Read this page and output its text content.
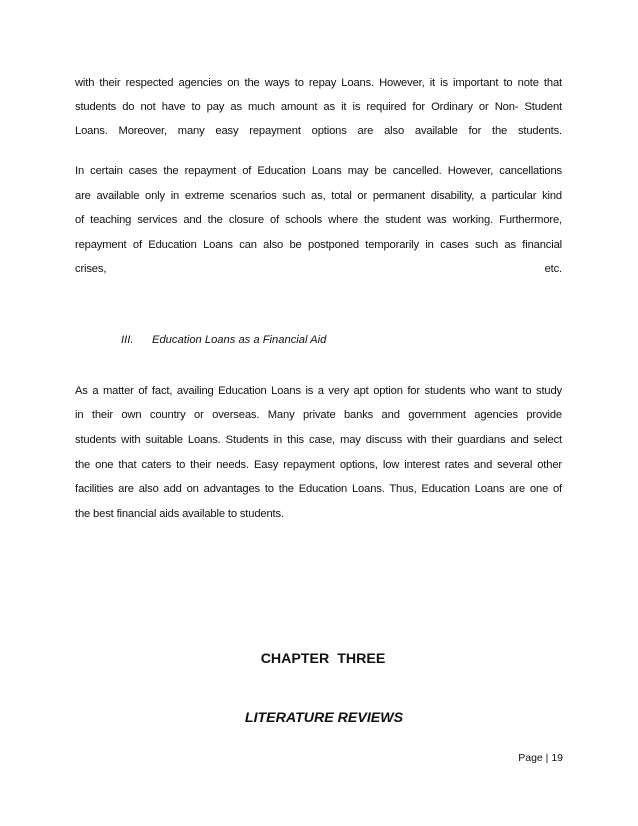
with their respected agencies on the ways to repay Loans. However, it is important to note that
students do not have to pay as much amount as it is required for Ordinary or Non- Student
Loans. Moreover, many easy repayment options are also available for the students.
In certain cases the repayment of Education Loans may be cancelled. However, cancellations
are available only in extreme scenarios such as, total or permanent disability, a particular kind
of teaching services and the closure of schools where the student was working. Furthermore,
repayment of Education Loans can also be postponed temporarily in cases such as financial
crises,	etc.
III. Education Loans as a Financial Aid
As a matter of fact, availing Education Loans is a very apt option for students who want to study
in their own country or overseas. Many private banks and government agencies provide
students with suitable Loans. Students in this case, may discuss with their guardians and select
the one that caters to their needs. Easy repayment options, low interest rates and several other
facilities are also add on advantages to the Education Loans. Thus, Education Loans are one of
the best financial aids available to students.
CHAPTER THREE
LITERATURE REVIEWS
Page | 19
